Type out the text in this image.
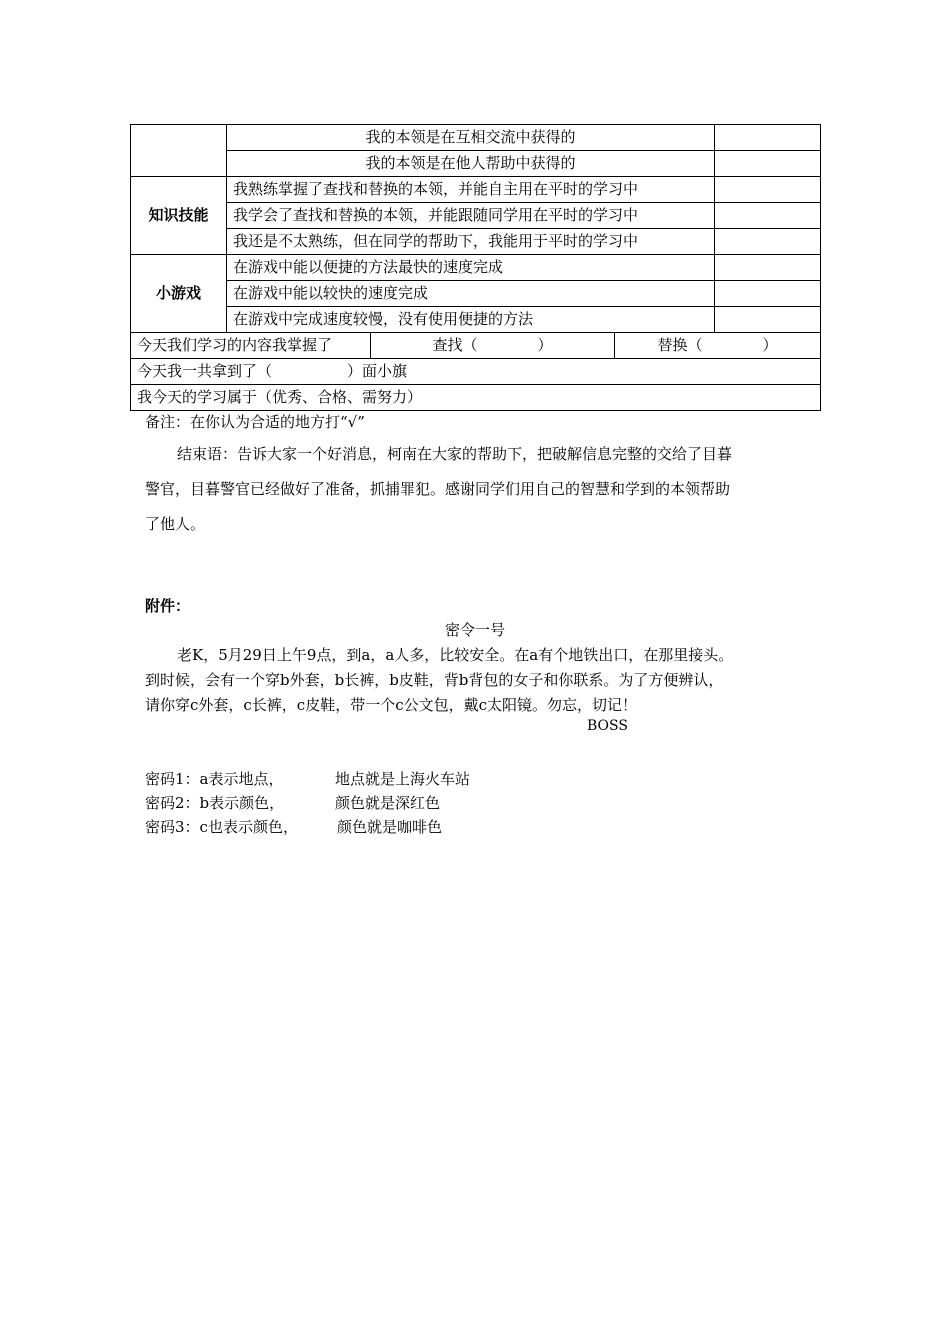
	我的本领是在互相交流中获得的			
	我的本领是在他人帮助中获得的			
知识技能	我熟练掌握了查找和替换的本领，并能自主用在平时的学习中			
	我学会了查找和替换的本领，并能跟随同学用在平时的学习中			
	我还是不太熟练，但在同学的帮助下，我能用于平时的学习中			
小游戏	在游戏中能以便捷的方法最快的速度完成			
	在游戏中能以较快的速度完成			
	在游戏中完成速度较慢，没有使用便捷的方法			
今天我们学习的内容我掌握了		查找（　　　　）	替换（　　　　）	
今天我一共拿到了（　　　　　）面小旗				
我今天的学习属于（优秀、合格、需努力）				
备注：在你认为合适的地方打“√”
结束语：告诉大家一个好消息，柯南在大家的帮助下，把破解信息完整的交给了目暮
警官，目暮警官已经做好了准备，抓捕罪犯。感谢同学们用自己的智慧和学到的本领帮助
了他人。
附件：
密令一号
老K，5月29日上午9点，到a，a人多，比较安全。在a有个地铁出口，在那里接头。
到时候，会有一个穿b外套，b长裤，b皮鞋，背b背包的女子和你联系。为了方便辨认，
请你穿c外套，c长裤，c皮鞋，带一个c公文包，戴c太阳镜。勿忘，切记！
BOSS
密码1：a表示地点，	地点就是上海火车站
密码2：b表示颜色，	颜色就是深红色
密码3：c也表示颜色，	颜色就是咖啡色
